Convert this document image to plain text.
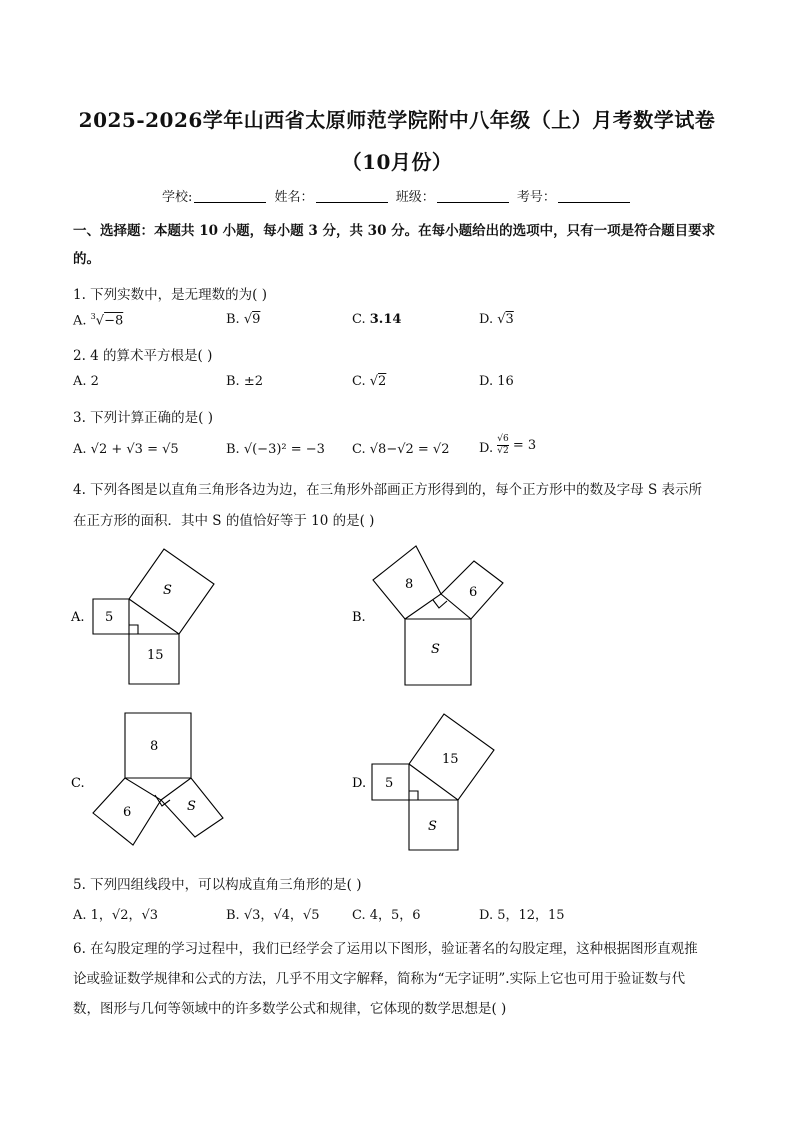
2025-2026学年山西省太原师范学院附中八年级（上）月考数学试卷
（10月份）
学校:	姓名：	班级：	考号：
一、选择题：本题共 10 小题，每小题 3 分，共 30 分。在每小题给出的选项中，只有一项是符合题目要求
的。
1. 下列实数中，是无理数的为( )
A. $^3$√−8	B. √9	C. 3.14	D. √3
2. 4 的算术平方根是( )
A. 2	B. ±2	C. √2	D. 16
3. 下列计算正确的是( )
A. √2 + √3 = √5	B. √(−3)² = −3 C. √8−√2 = √2 D. $\frac{√6}{√2} = 3$
4. 下列各图是以直角三角形各边为边，在三角形外部画正方形得到的，每个正方形中的数及字母 S 表示所
在正方形的面积．其中 S 的值恰好等于 10 的是( )
A. 5
S
15
B.
8
6
S
C.
8
6	S
D. 5
15
S
5. 下列四组线段中，可以构成直角三角形的是( )
A. 1，√2，√3	B. √3，√4，√5	C. 4，5，6	D. 5，12，15
6. 在勾股定理的学习过程中，我们已经学会了运用以下图形，验证著名的勾股定理，这种根据图形直观推
论或验证数学规律和公式的方法，几乎不用文字解释，简称为“无字证明”.实际上它也可用于验证数与代
数，图形与几何等领域中的许多数学公式和规律，它体现的数学思想是( )
